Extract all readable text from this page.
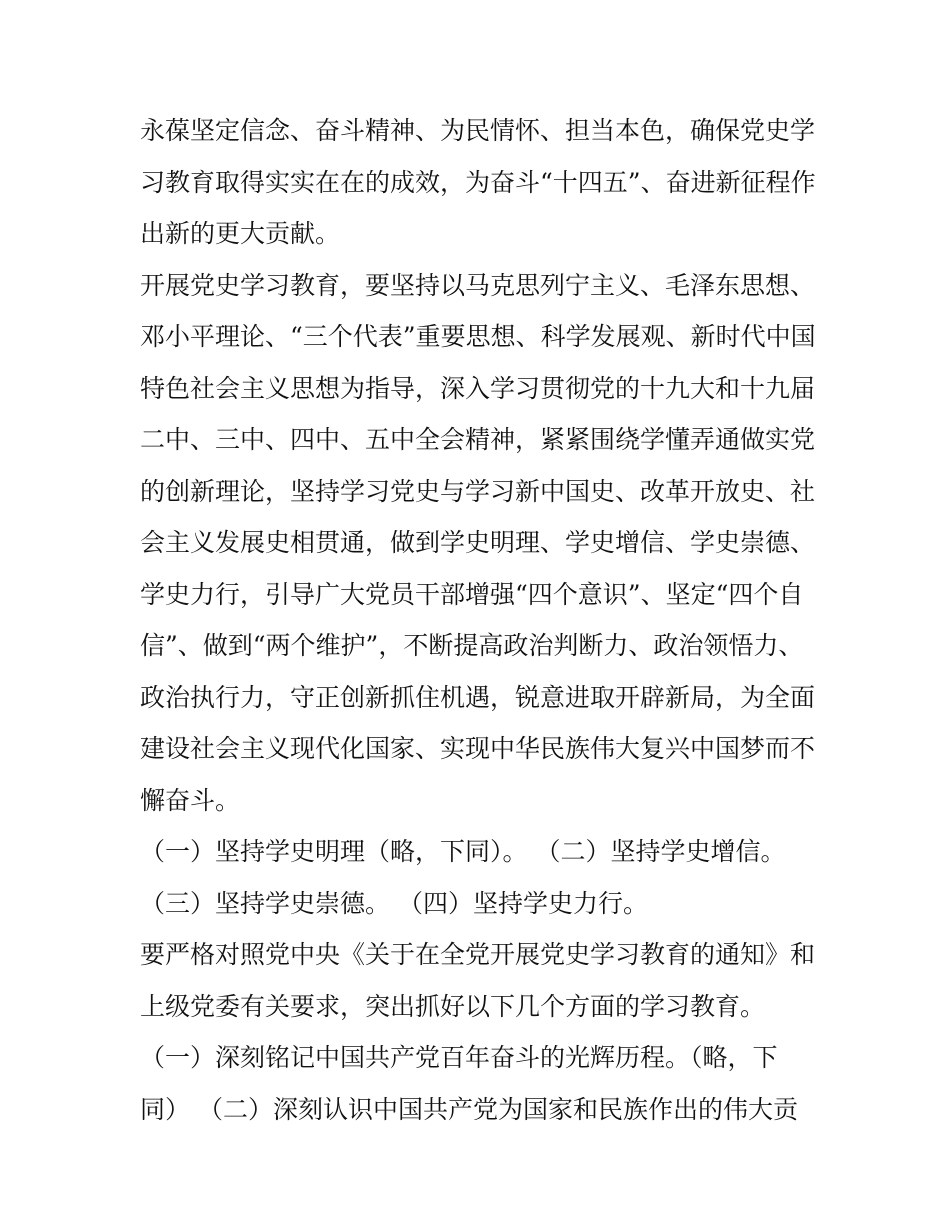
永葆坚定信念、奋斗精神、为民情怀、担当本色，确保党史学
习教育取得实实在在的成效，为奋斗“十四五”、奋进新征程作
出新的更大贡献。
开展党史学习教育，要坚持以马克思列宁主义、毛泽东思想、
邓小平理论、“三个代表”重要思想、科学发展观、新时代中国
特色社会主义思想为指导，深入学习贯彻党的十九大和十九届
二中、三中、四中、五中全会精神，紧紧围绕学懂弄通做实党
的创新理论，坚持学习党史与学习新中国史、改革开放史、社
会主义发展史相贯通，做到学史明理、学史增信、学史崇德、
学史力行，引导广大党员干部增强“四个意识”、坚定“四个自
信”、做到“两个维护”，不断提高政治判断力、政治领悟力、
政治执行力，守正创新抓住机遇，锐意进取开辟新局，为全面
建设社会主义现代化国家、实现中华民族伟大复兴中国梦而不
懈奋斗。
（一）坚持学史明理（略，下同）。 （二）坚持学史增信。
（三）坚持学史崇德。 （四）坚持学史力行。
要严格对照党中央《关于在全党开展党史学习教育的通知》和
上级党委有关要求，突出抓好以下几个方面的学习教育。
（一）深刻铭记中国共产党百年奋斗的光辉历程。（略，下
同） （二）深刻认识中国共产党为国家和民族作出的伟大贡
